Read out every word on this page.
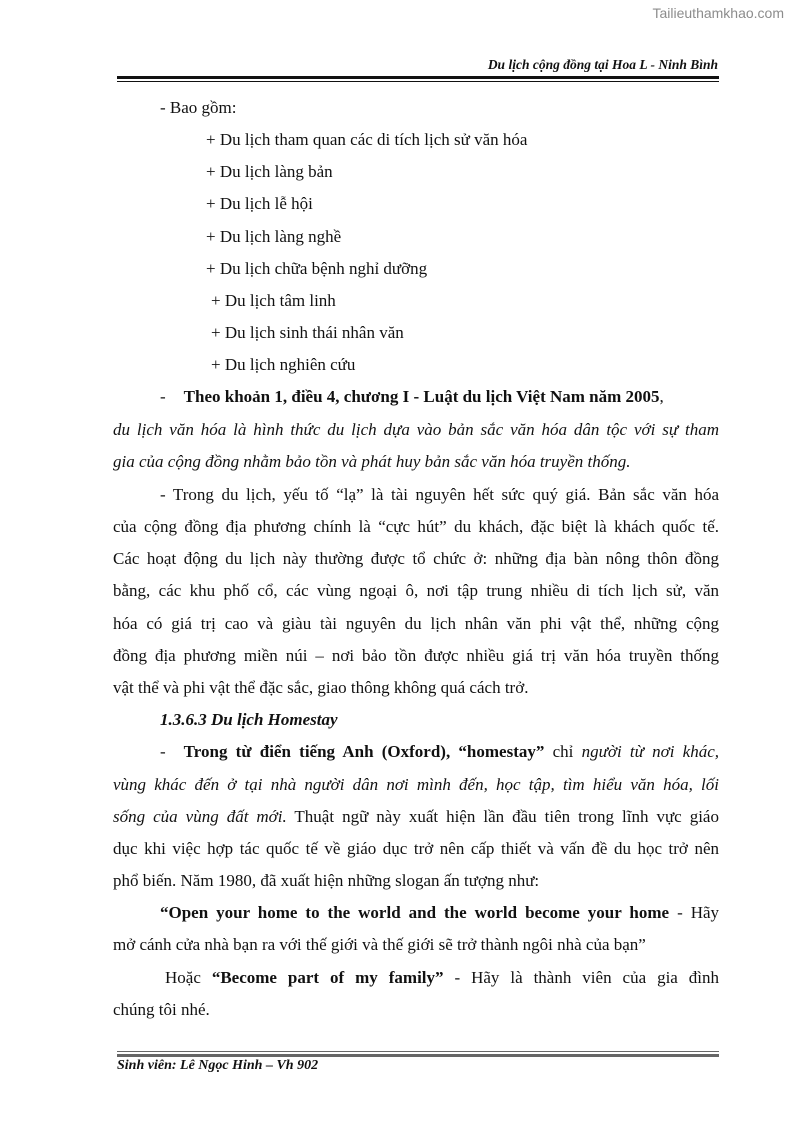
Tailieuthamkhao.com
Du lịch cộng đồng tại Hoa L - Ninh Bình

- Bao gồm:

+ Du lịch tham quan các di tích lịch sử văn hóa

+ Du lịch làng bản

+ Du lịch lễ hội

+ Du lịch làng nghề

+ Du lịch chữa bệnh nghỉ dưỡng

+ Du lịch tâm linh

+ Du lịch sinh thái nhân văn

+ Du lịch nghiên cứu

- Theo khoản 1, điều 4, chương I - Luật du lịch Việt Nam năm 2005,

du lịch văn hóa là hình thức du lịch dựa vào bản sắc văn hóa dân tộc với sự tham

gia của cộng đồng nhằm bảo tồn và phát huy bản sắc văn hóa truyền thống.

- Trong du lịch, yếu tố “lạ” là tài nguyên hết sức quý giá. Bản sắc văn hóa

của cộng đồng địa phương chính là “cực hút” du khách, đặc biệt là khách quốc tế.

Các hoạt động du lịch này thường được tổ chức ở: những địa bàn nông thôn đồng

bằng, các khu phố cổ, các vùng ngoại ô, nơi tập trung nhiều di tích lịch sử, văn

hóa có giá trị cao và giàu tài nguyên du lịch nhân văn phi vật thể, những cộng

đồng địa phương miền núi – nơi bảo tồn được nhiều giá trị văn hóa truyền thống

vật thể và phi vật thể đặc sắc, giao thông không quá cách trở.

1.3.6.3 Du lịch Homestay

- Trong từ điển tiếng Anh (Oxford), “homestay” chỉ người từ nơi khác,

vùng khác đến ở tại nhà người dân nơi mình đến, học tập, tìm hiểu văn hóa, lối

sống của vùng đất mới. Thuật ngữ này xuất hiện lần đầu tiên trong lĩnh vực giáo

dục khi việc hợp tác quốc tế về giáo dục trở nên cấp thiết và vấn đề du học trở nên

phổ biến. Năm 1980, đã xuất hiện những slogan ấn tượng như:

“Open your home to the world and the world become your home - Hãy

mở cánh cửa nhà bạn ra với thế giới và thế giới sẽ trở thành ngôi nhà của bạn”

Hoặc “Become part of my family” - Hãy là thành viên của gia đình

chúng tôi nhé.

Sinh viên: Lê Ngọc Hinh – Vh 902
